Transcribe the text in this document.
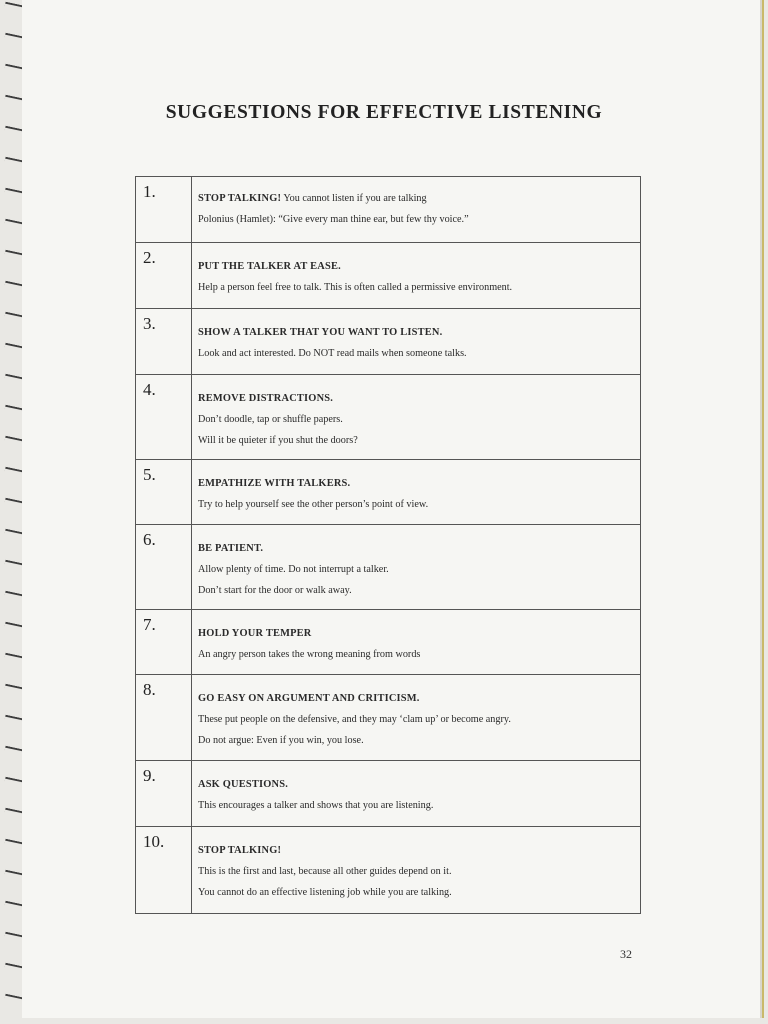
SUGGESTIONS FOR EFFECTIVE LISTENING
1.	STOP TALKING! You cannot listen if you are talking
Polonius (Hamlet): “Give every man thine ear, but few thy voice.”

2.	PUT THE TALKER AT EASE.
Help a person feel free to talk. This is often called a permissive environment.

3.	SHOW A TALKER THAT YOU WANT TO LISTEN.
Look and act interested. Do NOT read mails when someone talks.

4.	REMOVE DISTRACTIONS.
Don’t doodle, tap or shuffle papers.
Will it be quieter if you shut the doors?

5.	EMPATHIZE WITH TALKERS.
Try to help yourself see the other person’s point of view.

6.	BE PATIENT.
Allow plenty of time. Do not interrupt a talker.
Don’t start for the door or walk away.

7.	HOLD YOUR TEMPER
An angry person takes the wrong meaning from words

8.	GO EASY ON ARGUMENT AND CRITICISM.
These put people on the defensive, and they may ‘clam up’ or become angry.
Do not argue: Even if you win, you lose.

9.	ASK QUESTIONS.
This encourages a talker and shows that you are listening.

10.	STOP TALKING!
This is the first and last, because all other guides depend on it.
You cannot do an effective listening job while you are talking.
32
